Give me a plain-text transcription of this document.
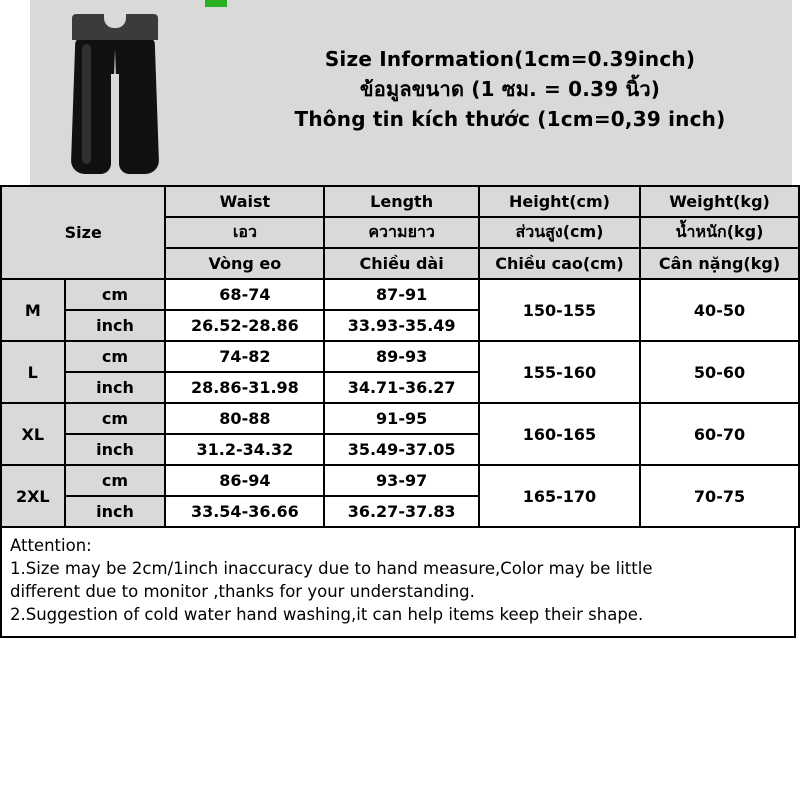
Size Information(1cm=0.39inch)
ข้อมูลขนาด (1 ซม. = 0.39 นิ้ว)
Thông tin kích thước (1cm=0,39 inch)
Size		Waist	Length	Height(cm)	Weight(kg)
		เอว	ความยาว	ส่วนสูง(cm)	น้ำหนัก(kg)
		Vòng eo	Chiều dài	Chiều cao(cm)	Cân nặng(kg)
M	cm	68-74	87-91	150-155	40-50
	inch	26.52-28.86	33.93-35.49		
L	cm	74-82	89-93	155-160	50-60
	inch	28.86-31.98	34.71-36.27		
XL	cm	80-88	91-95	160-165	60-70
	inch	31.2-34.32	35.49-37.05		
2XL	cm	86-94	93-97	165-170	70-75
	inch	33.54-36.66	36.27-37.83		

Attention:

1.Size may be 2cm/1inch inaccuracy due to hand measure,Color may be little

different due to monitor ,thanks for your understanding.

2.Suggestion of cold water hand washing,it can help items keep their shape.
